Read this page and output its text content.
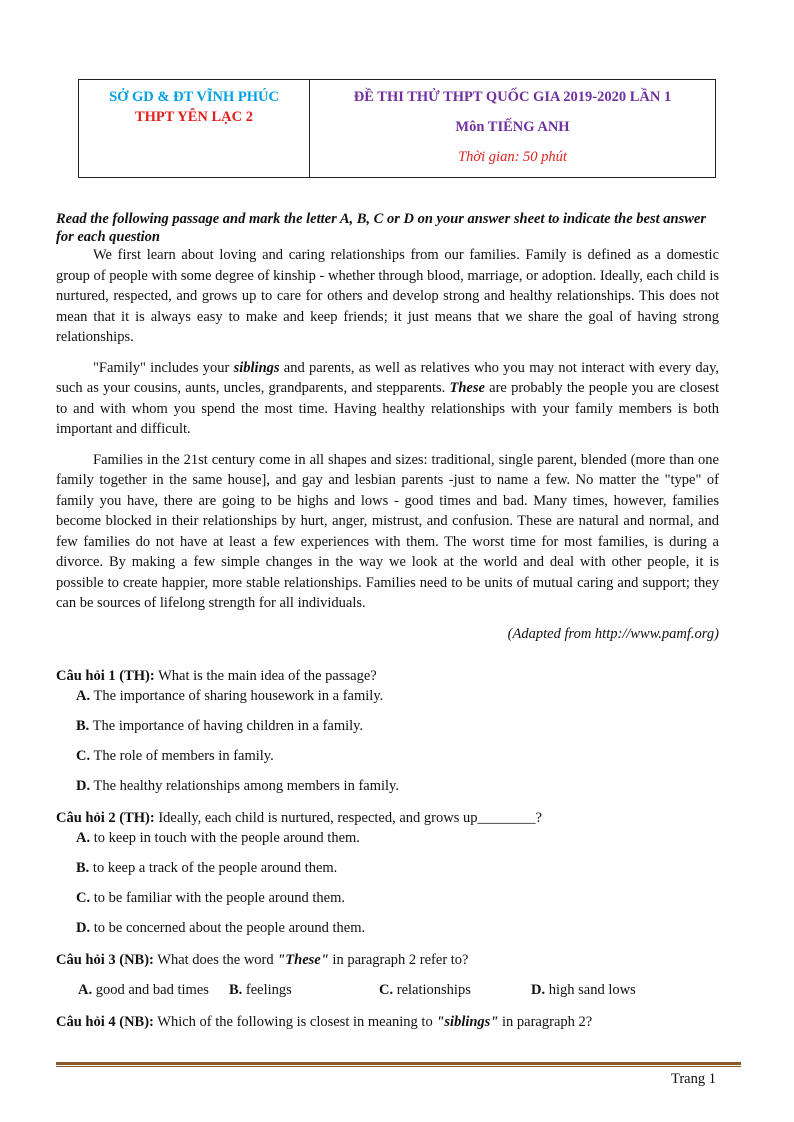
SỞ GD & ĐT VĨNH PHÚC
THPT YÊN LẠC 2
ĐỀ THI THỬ THPT QUỐC GIA 2019-2020 LẦN 1
Môn TIẾNG ANH
Thời gian: 50 phút
Read the following passage and mark the letter A, B, C or D on your answer sheet to indicate the best answer for each question

We first learn about loving and caring relationships from our families. Family is defined as a domestic group of people with some degree of kinship - whether through blood, marriage, or adoption. Ideally, each child is nurtured, respected, and grows up to care for others and develop strong and healthy relationships. This does not mean that it is always easy to make and keep friends; it just means that we share the goal of having strong relationships.

"Family" includes your siblings and parents, as well as relatives who you may not interact with every day, such as your cousins, aunts, uncles, grandparents, and stepparents. These are probably the people you are closest to and with whom you spend the most time. Having healthy relationships with your family members is both important and difficult.

Families in the 21st century come in all shapes and sizes: traditional, single parent, blended (more than one family together in the same house], and gay and lesbian parents -just to name a few. No matter the "type" of family you have, there are going to be highs and lows - good times and bad. Many times, however, families become blocked in their relationships by hurt, anger, mistrust, and confusion. These are natural and normal, and few families do not have at least a few experiences with them. The worst time for most families, is during a divorce. By making a few simple changes in the way we look at the world and deal with other people, it is possible to create happier, more stable relationships. Families need to be units of mutual caring and support; they can be sources of lifelong strength for all individuals.

(Adapted from http://www.pamf.org)
Câu hỏi 1 (TH): What is the main idea of the passage?
A. The importance of sharing housework in a family.
B. The importance of having children in a family.
C. The role of members in family.
D. The healthy relationships among members in family.
Câu hỏi 2 (TH): Ideally, each child is nurtured, respected, and grows up________?
A. to keep in touch with the people around them.
B. to keep a track of the people around them.
C. to be familiar with the people around them.
D. to be concerned about the people around them.
Câu hỏi 3 (NB): What does the word "These" in paragraph 2 refer to?
A. good and bad times	B. feelings	C. relationships	D. high sand lows
Câu hỏi 4 (NB): Which of the following is closest in meaning to "siblings" in paragraph 2?
Trang 1
